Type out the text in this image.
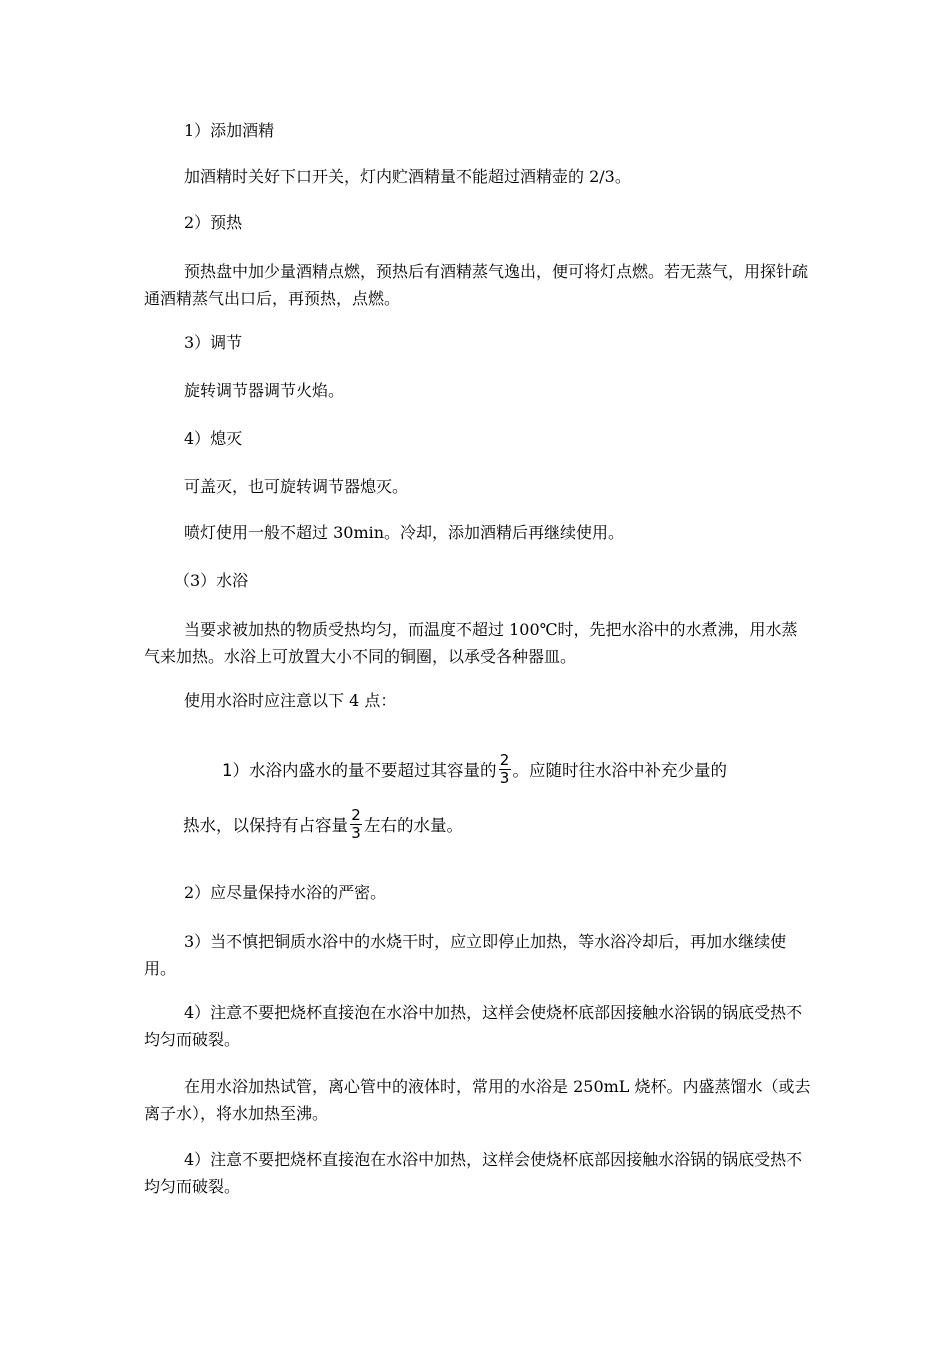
1）添加酒精
加酒精时关好下口开关，灯内贮酒精量不能超过酒精壶的 2/3。
2）预热
预热盘中加少量酒精点燃，预热后有酒精蒸气逸出，便可将灯点燃。若无蒸气，用探针疏通酒精蒸气出口后，再预热，点燃。
3）调节
旋转调节器调节火焰。
4）熄灭
可盖灭，也可旋转调节器熄灭。
喷灯使用一般不超过 30min。冷却，添加酒精后再继续使用。
（3）水浴
当要求被加热的物质受热均匀，而温度不超过 100℃时，先把水浴中的水煮沸，用水蒸气来加热。水浴上可放置大小不同的铜圈，以承受各种器皿。
使用水浴时应注意以下 4 点：
1）水浴内盛水的量不要超过其容量的 $\frac{2}{3}$ 。应随时往水浴中补充少量的
热水，以保持有占容量 $\frac{2}{3}$ 左右的水量。
2）应尽量保持水浴的严密。
3）当不慎把铜质水浴中的水烧干时，应立即停止加热，等水浴冷却后，再加水继续使用。
4）注意不要把烧杯直接泡在水浴中加热，这样会使烧杯底部因接触水浴锅的锅底受热不均匀而破裂。
在用水浴加热试管，离心管中的液体时，常用的水浴是 250mL 烧杯。内盛蒸馏水（或去离子水），将水加热至沸。
4）注意不要把烧杯直接泡在水浴中加热，这样会使烧杯底部因接触水浴锅的锅底受热不均匀而破裂。
